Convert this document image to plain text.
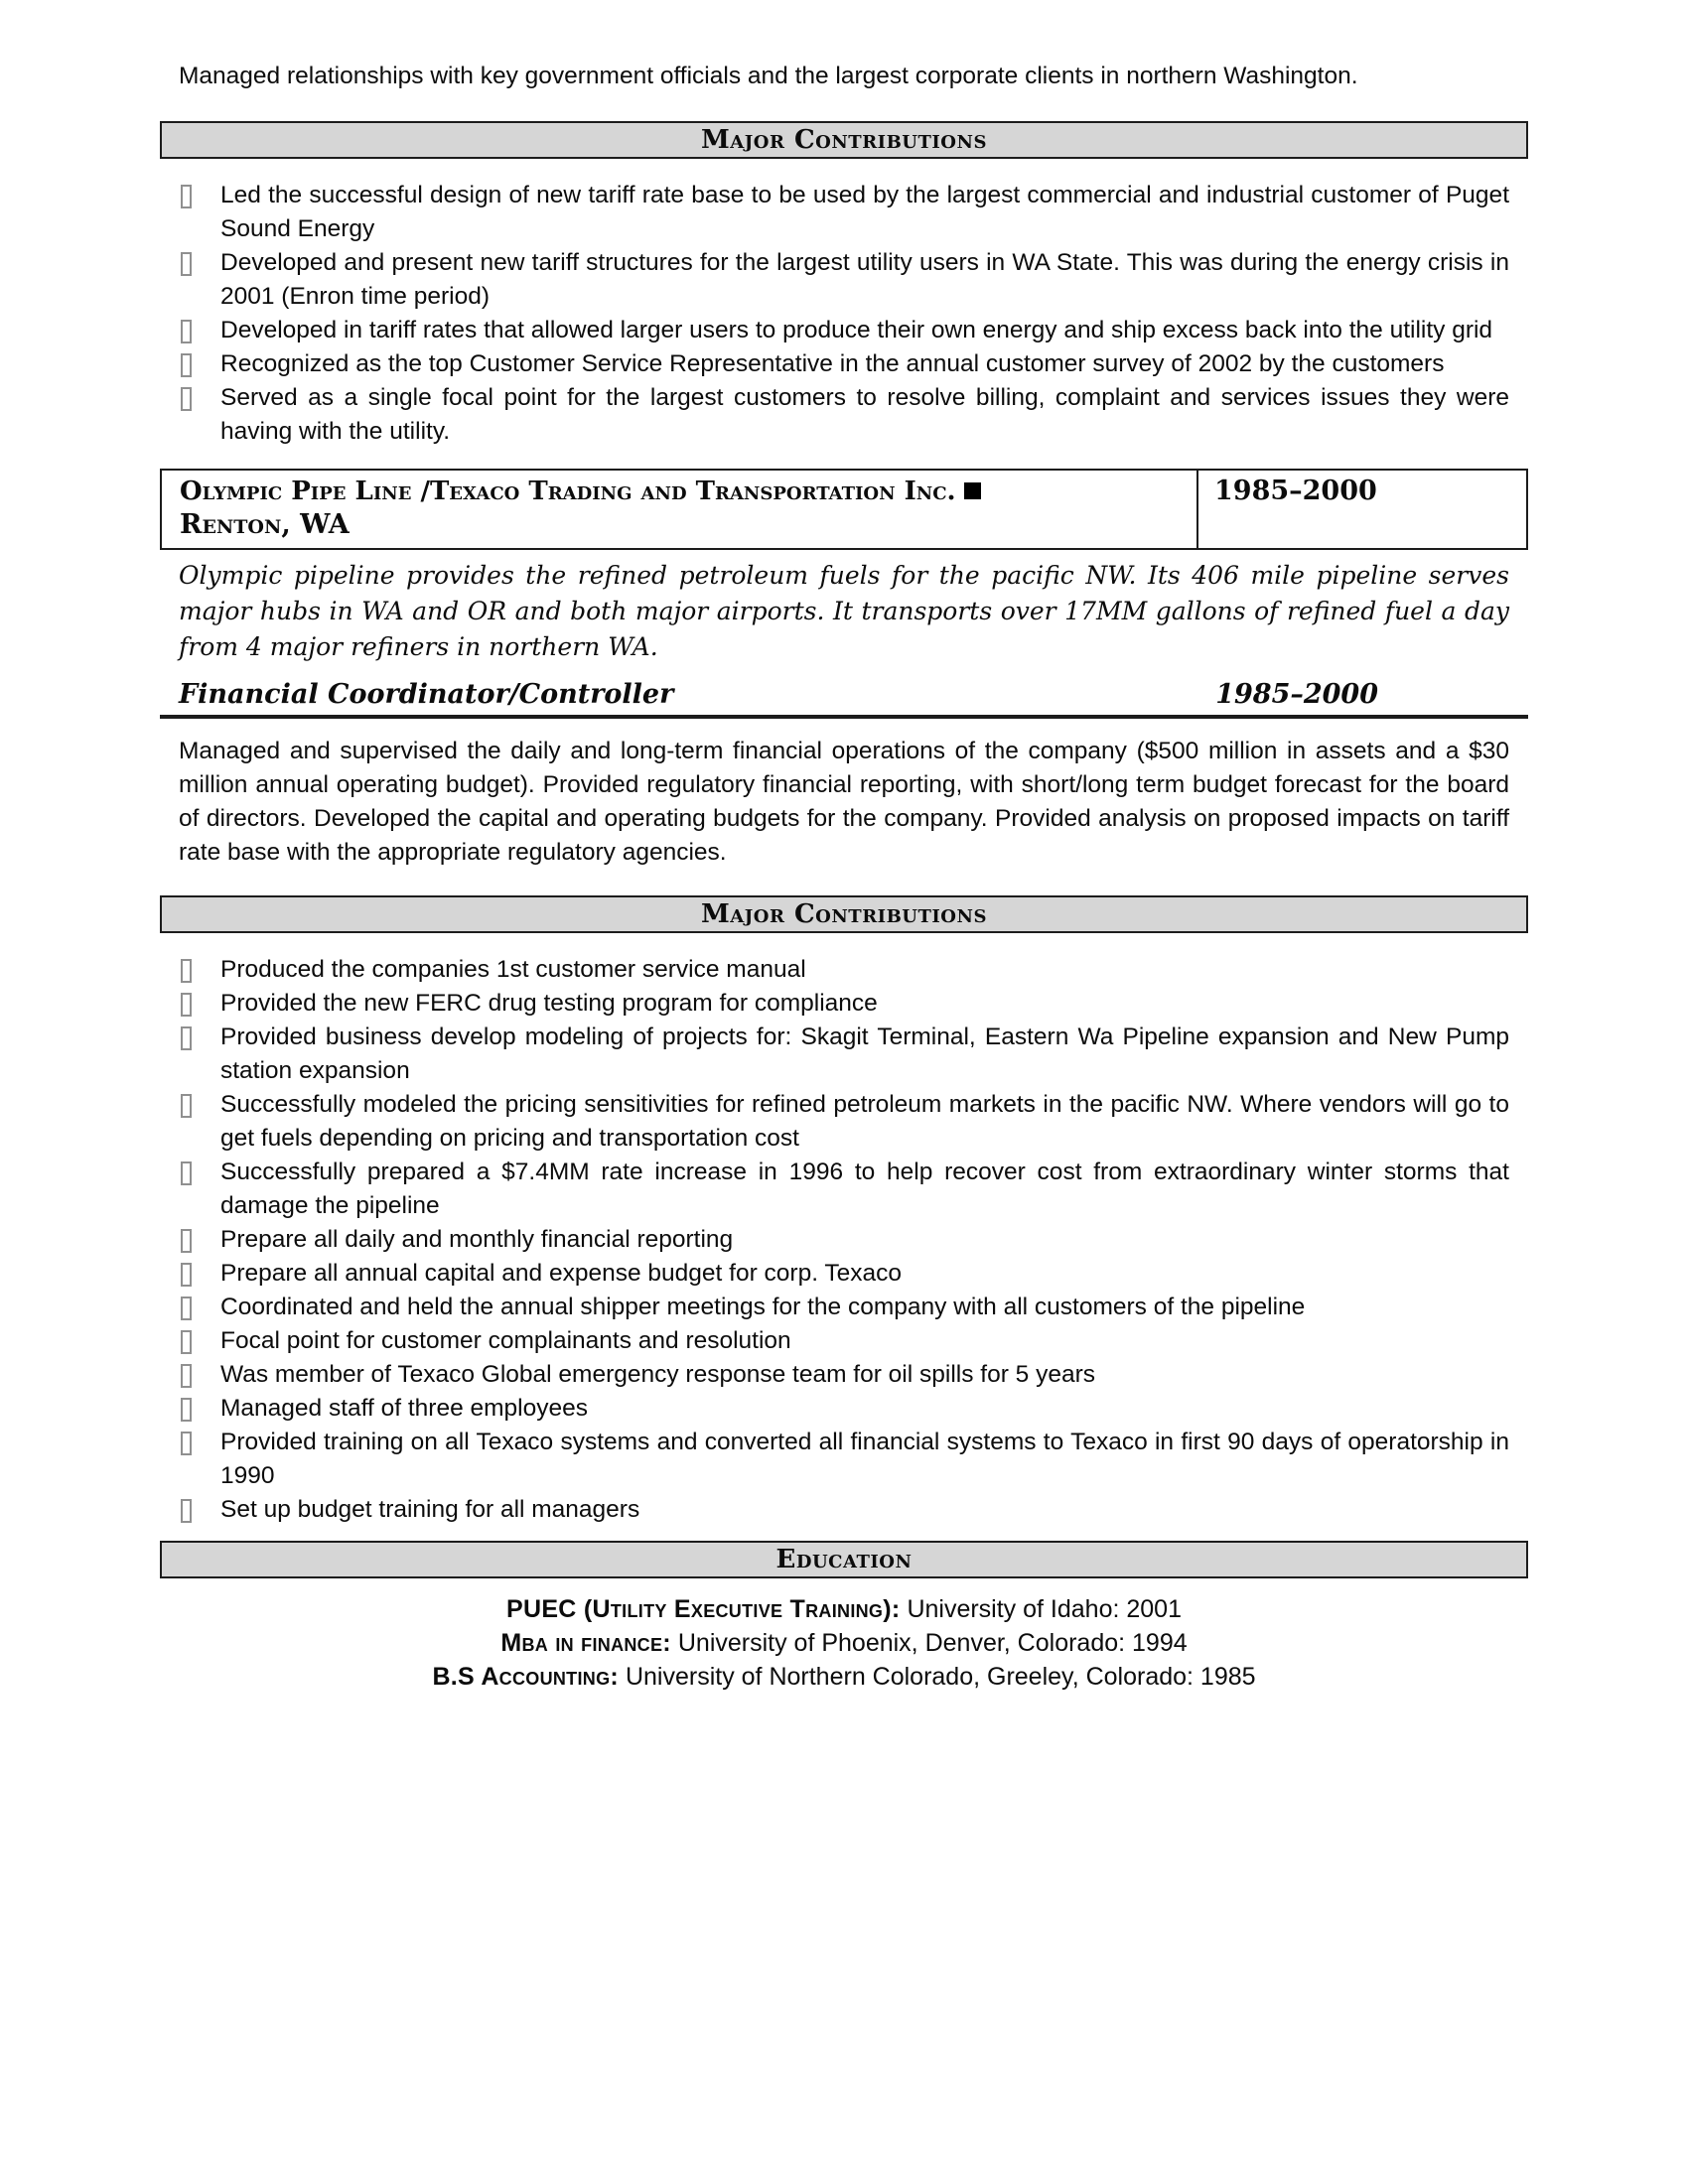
Managed relationships with key government officials and the largest corporate clients in northern Washington.

Major Contributions
Led the successful design of new tariff rate base to be used by the largest commercial and industrial customer of Puget Sound Energy
Developed and present new tariff structures for the largest utility users in WA State. This was during the energy crisis in 2001 (Enron time period)
Developed in tariff rates that allowed larger users to produce their own energy and ship excess back into the utility grid
Recognized as the top Customer Service Representative in the annual customer survey of 2002 by the customers
Served as a single focal point for the largest customers to resolve billing, complaint and services issues they were having with the utility.
Olympic Pipe Line /Texaco Trading and Transportation Inc.
Renton, WA
1985–2000

Olympic pipeline provides the refined petroleum fuels for the pacific NW. Its 406 mile pipeline serves major hubs in WA and OR and both major airports. It transports over 17MM gallons of refined fuel a day from 4 major refiners in northern WA.

Financial Coordinator/Controller	1985–2000

Managed and supervised the daily and long-term financial operations of the company ($500 million in assets and a $30 million annual operating budget). Provided regulatory financial reporting, with short/long term budget forecast for the board of directors. Developed the capital and operating budgets for the company. Provided analysis on proposed impacts on tariff rate base with the appropriate regulatory agencies.

Major Contributions
Produced the companies 1st customer service manual
Provided the new FERC drug testing program for compliance
Provided business develop modeling of projects for: Skagit Terminal, Eastern Wa Pipeline expansion and New Pump station expansion
Successfully modeled the pricing sensitivities for refined petroleum markets in the pacific NW. Where vendors will go to get fuels depending on pricing and transportation cost
Successfully prepared a $7.4MM rate increase in 1996 to help recover cost from extraordinary winter storms that damage the pipeline
Prepare all daily and monthly financial reporting
Prepare all annual capital and expense budget for corp. Texaco
Coordinated and held the annual shipper meetings for the company with all customers of the pipeline
Focal point for customer complainants and resolution
Was member of Texaco Global emergency response team for oil spills for 5 years
Managed staff of three employees
Provided training on all Texaco systems and converted all financial systems to Texaco in first 90 days of operatorship in 1990
Set up budget training for all managers
Education
PUEC (Utility Executive Training): University of Idaho: 2001
Mba in finance: University of Phoenix, Denver, Colorado: 1994
B.S Accounting: University of Northern Colorado, Greeley, Colorado: 1985
